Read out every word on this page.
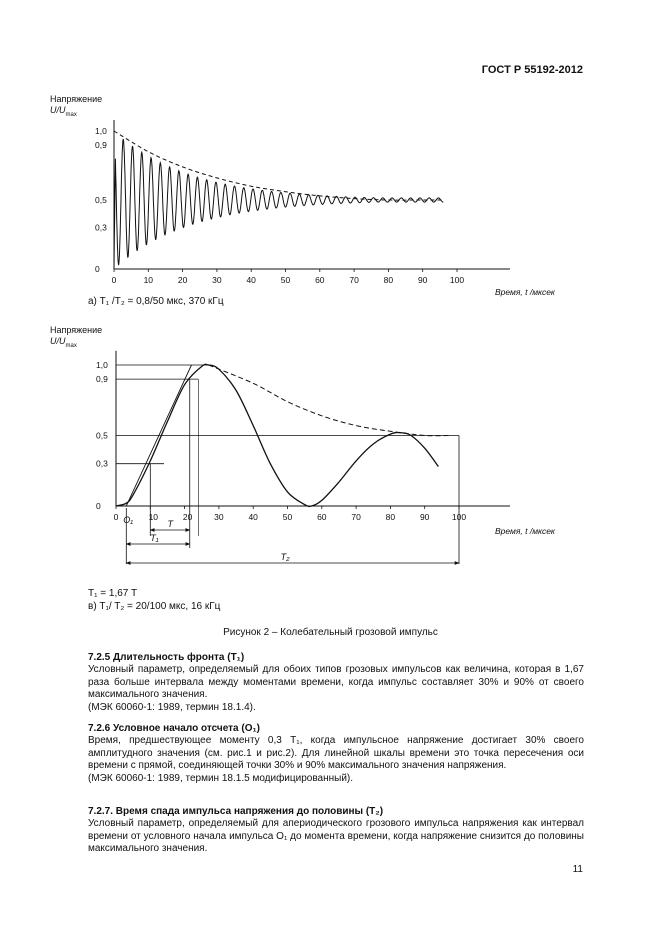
ГОСТ Р 55192-2012
Напряжение
$U/U_{max}$
1,0
0,9
0,5
0,3
0
0	10	20	30	40	50	60	70	80	90	100
Время, t /мксек
а) T₁ /T₂ = 0,8/50 мкс, 370 кГц
Напряжение
$U/U_{max}$
1,0
0,9
0,5
0,3
0
0	30	40	50	60	70	80	90	100
10	20
Время, t /мксек
O₁	T
T₁
T₂
T₁ = 1,67 T
в) T₁/ T₂ = 20/100 мкс, 16 кГц
Рисунок 2 – Колебательный грозовой импульс

7.2.5 Длительность фронта (T₁)

Условный параметр, определяемый для обоих типов грозовых импульсов как величина, которая в 1,67 раза больше интервала между моментами времени, когда импульс составляет 30% и 90% от своего максимального значения.

(МЭК 60060-1: 1989, термин 18.1.4).

7.2.6 Условное начало отсчета (O₁)

Время, предшествующее моменту 0,3 T₁, когда импульсное напряжение достигает 30% своего амплитудного значения (см. рис.1 и рис.2). Для линейной шкалы времени это точка пересечения оси времени с прямой, соединяющей точки 30% и 90% максимального значения напряжения.

(МЭК 60060-1: 1989, термин 18.1.5 модифицированный).

7.2.7. Время спада импульса напряжения до половины (T₂)

Условный параметр, определяемый для апериодического грозового импульса напряжения как интервал времени от условного начала импульса O₁ до момента времени, когда напряжение снизится до половины максимального значения.

11
